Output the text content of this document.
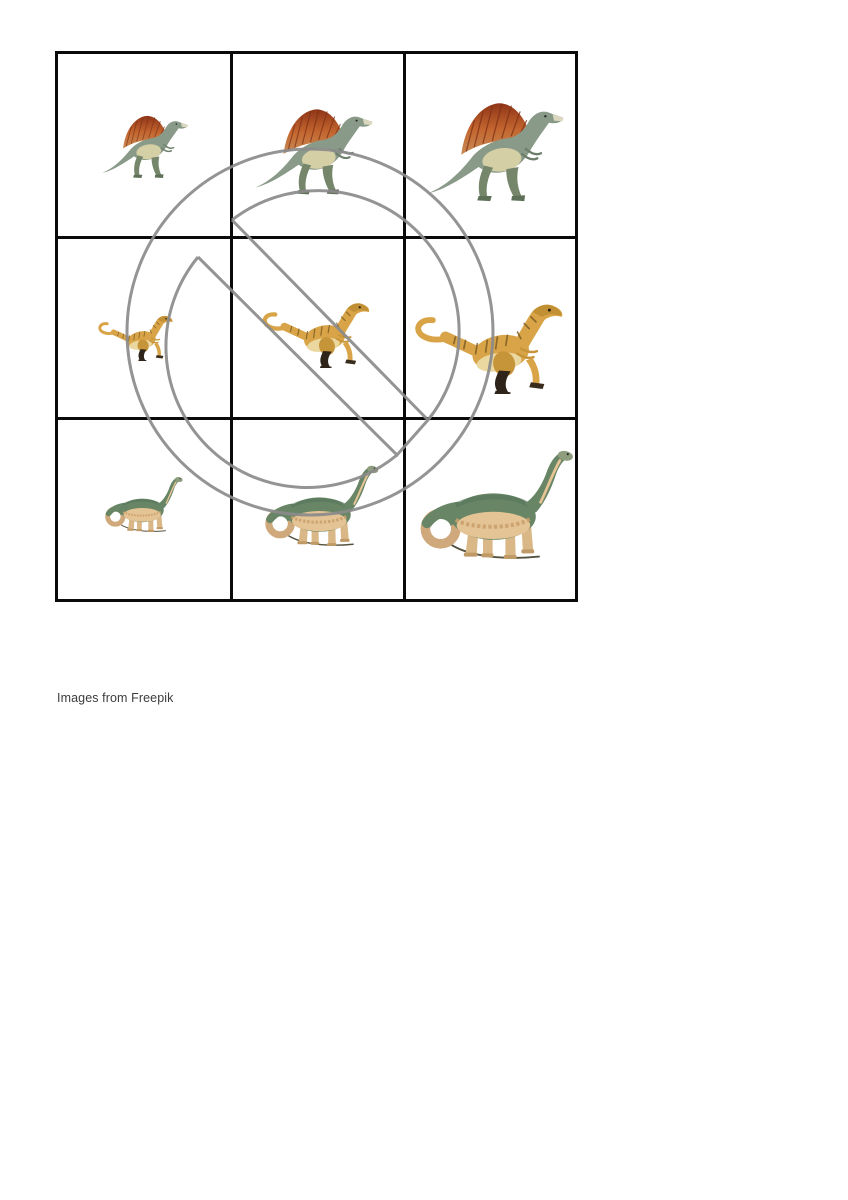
Images from Freepik
